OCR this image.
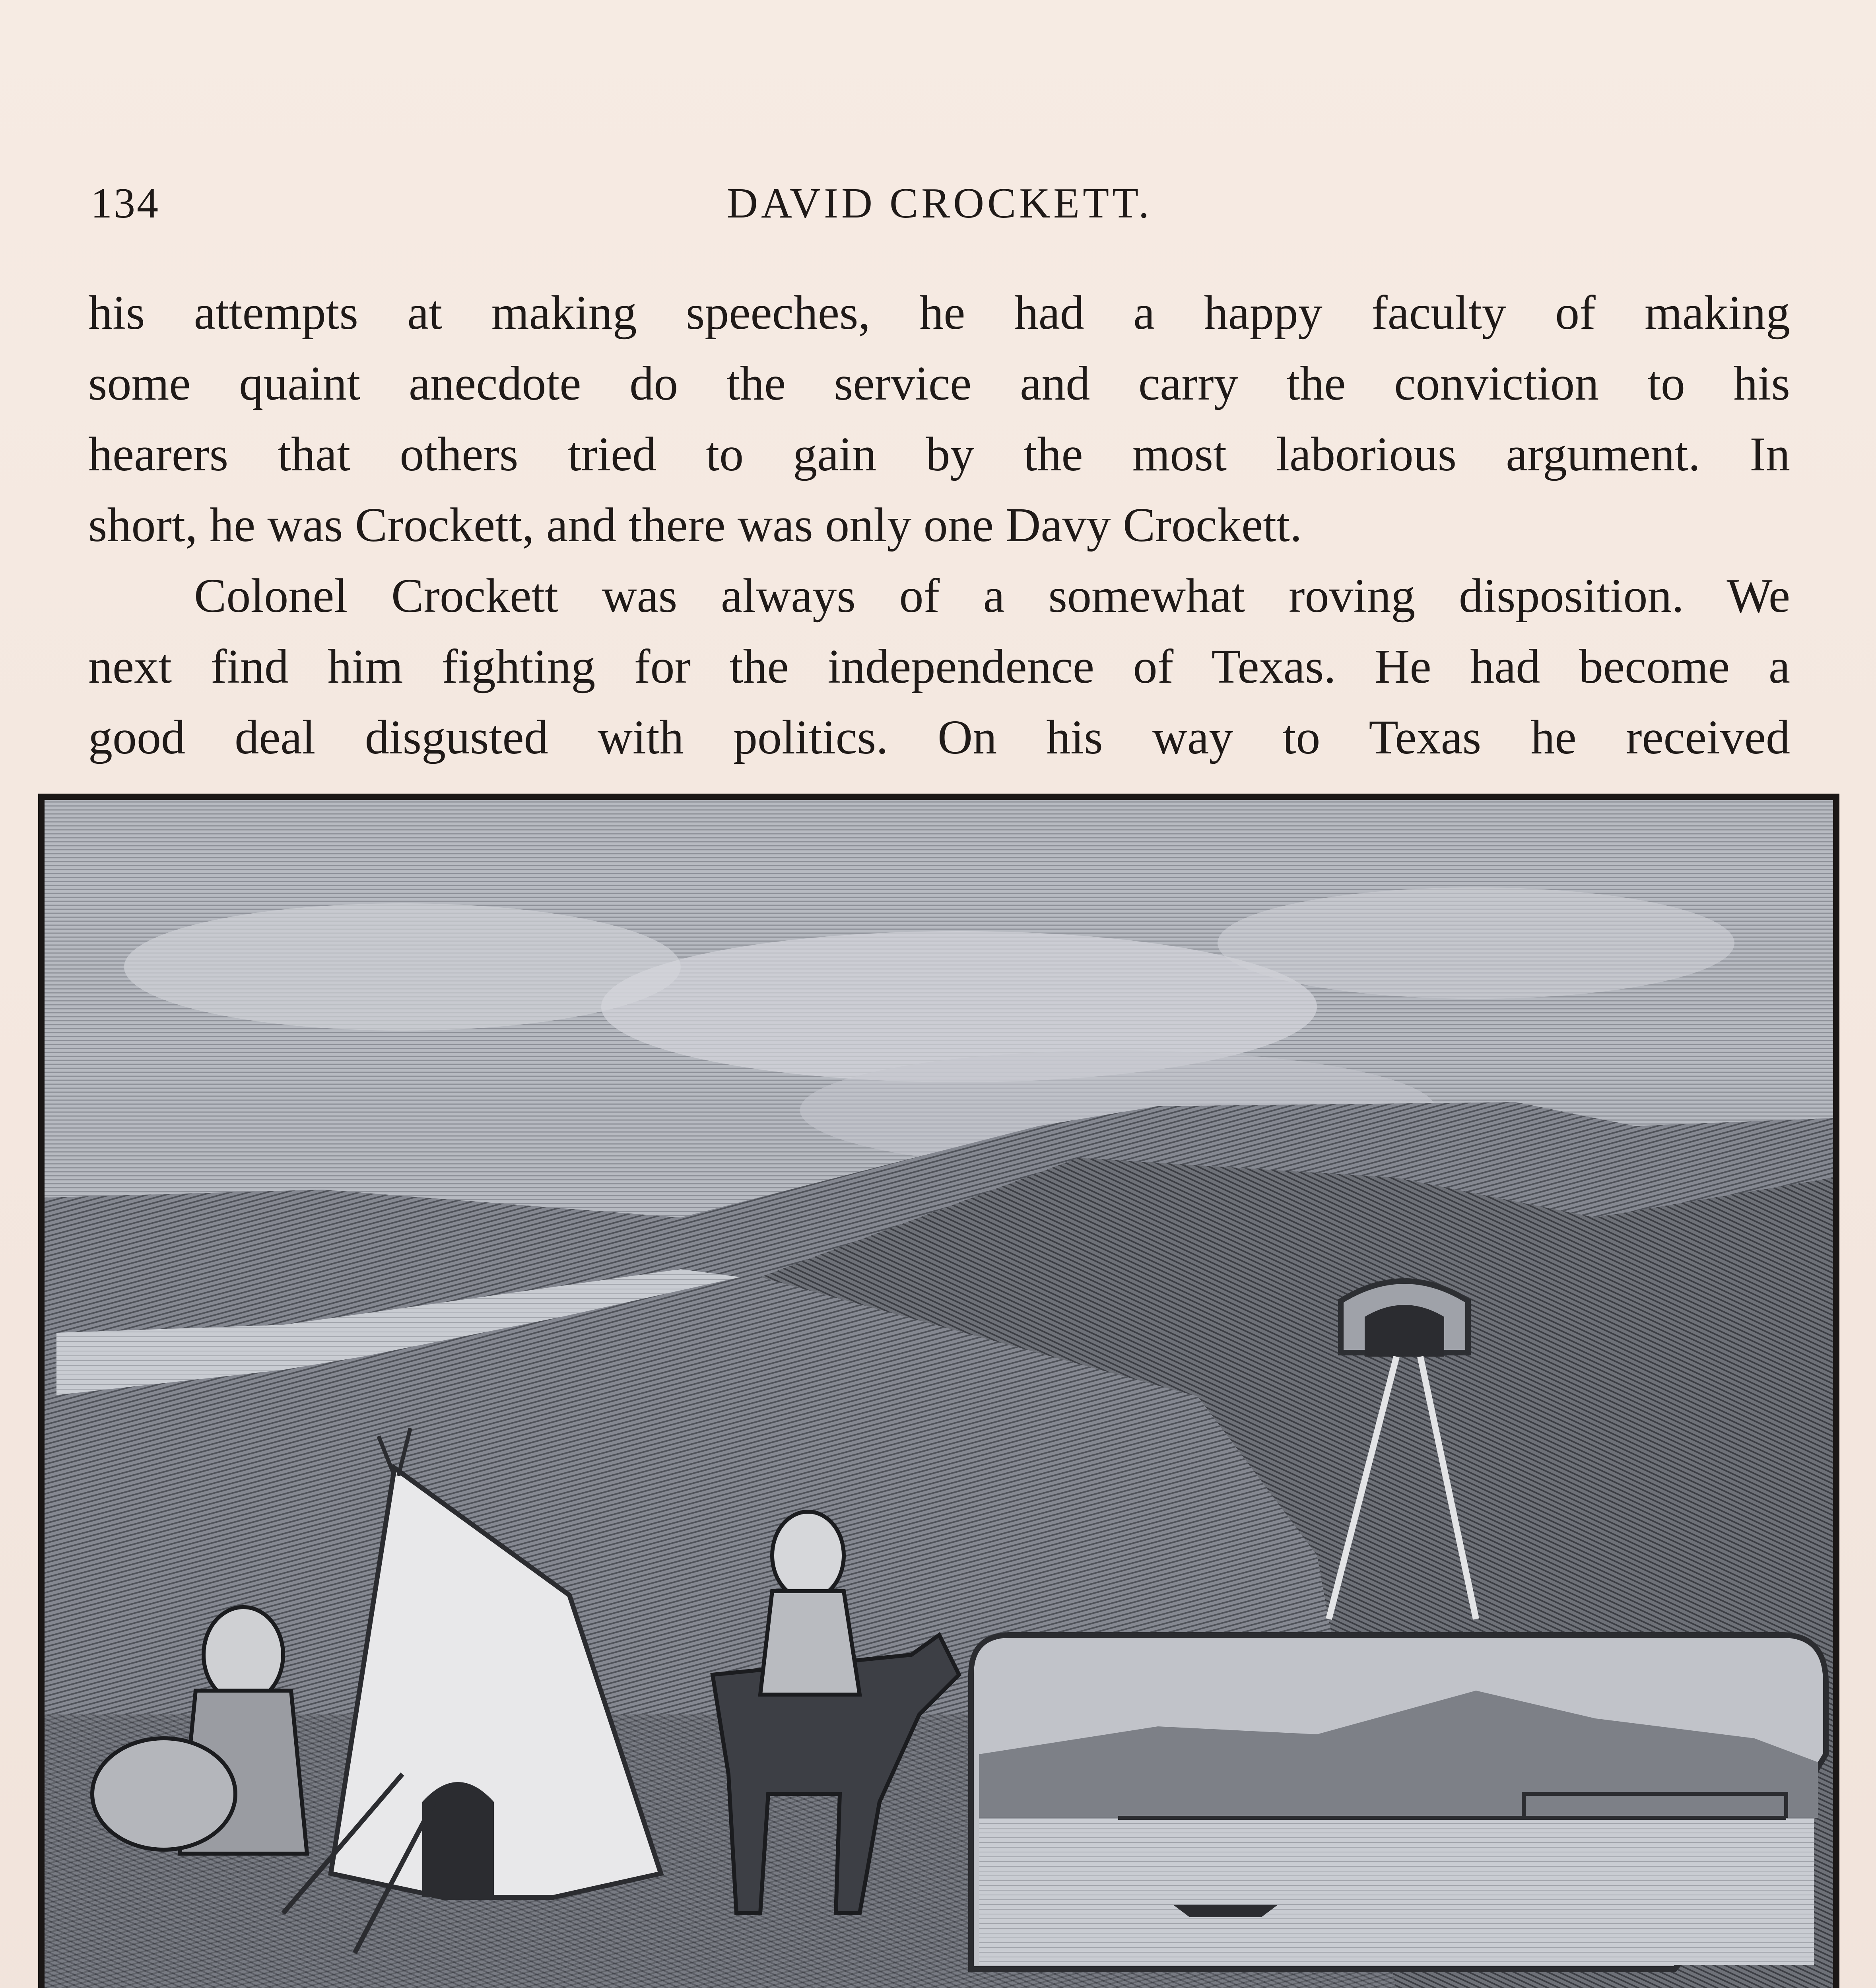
134	DAVID CROCKETT.
his attempts at making speeches, he had a happy faculty of making
some quaint anecdote do the service and carry the conviction to his
hearers that others tried to gain by the most laborious argument. In
short, he was Crockett, and there was only one Davy Crockett.
Colonel Crockett was always of a somewhat roving disposition. We
next find him fighting for the independence of Texas. He had become a
good deal disgusted with politics. On his way to Texas he received
